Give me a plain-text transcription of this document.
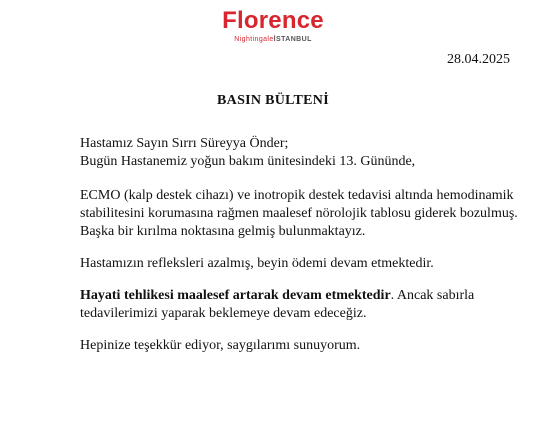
Florence
NightingaleİSTANBUL
28.04.2025
BASIN BÜLTENİ

Hastamız Sayın Sırrı Süreyya Önder;

Bugün Hastanemiz yoğun bakım ünitesindeki 13. Gününde,

ECMO (kalp destek cihazı) ve inotropik destek tedavisi altında hemodinamik

stabilitesini korumasına rağmen maalesef nörolojik tablosu giderek bozulmuş.

Başka bir kırılma noktasına gelmiş bulunmaktayız.

Hastamızın refleksleri azalmış, beyin ödemi devam etmektedir.

Hayati tehlikesi maalesef artarak devam etmektedir. Ancak sabırla

tedavilerimizi yaparak beklemeye devam edeceğiz.

Hepinize teşekkür ediyor, saygılarımı sunuyorum.
